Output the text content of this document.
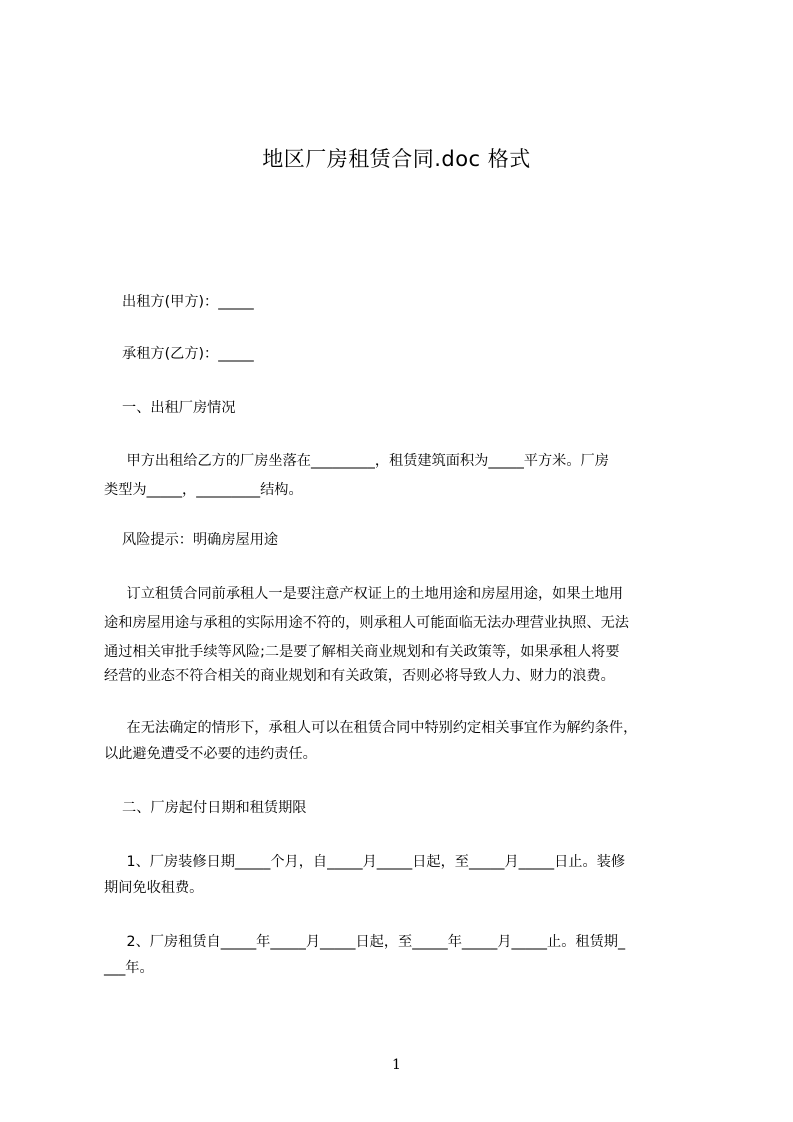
地区厂房租赁合同.doc 格式
出租方(甲方)：_____
承租方(乙方)：_____
一、出租厂房情况
甲方出租给乙方的厂房坐落在_________，租赁建筑面积为_____平方米。厂房
类型为_____，_________结构。
风险提示：明确房屋用途
订立租赁合同前承租人一是要注意产权证上的土地用途和房屋用途，如果土地用
途和房屋用途与承租的实际用途不符的，则承租人可能面临无法办理营业执照、无法
通过相关审批手续等风险;二是要了解相关商业规划和有关政策等，如果承租人将要
经营的业态不符合相关的商业规划和有关政策，否则必将导致人力、财力的浪费。
在无法确定的情形下，承租人可以在租赁合同中特别约定相关事宜作为解约条件，
以此避免遭受不必要的违约责任。
二、厂房起付日期和租赁期限
1、厂房装修日期_____个月，自_____月_____日起，至_____月_____日止。装修
期间免收租费。
2、厂房租赁自_____年_____月_____日起，至_____年_____月_____止。租赁期_
___年。
1
